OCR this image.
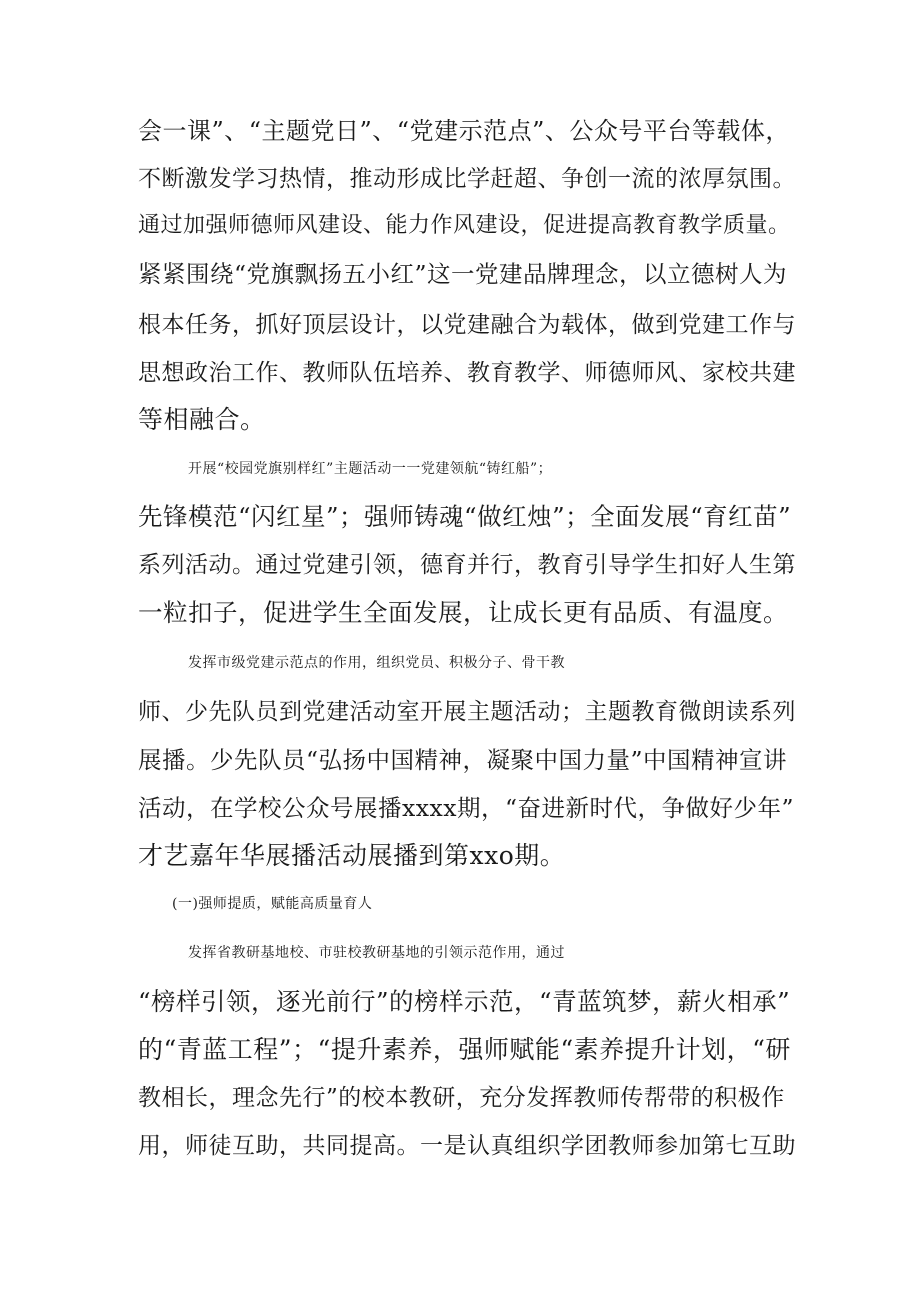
会一课”、“主题党日”、“党建示范点”、公众号平台等载体，
不断激发学习热情，推动形成比学赶超、争创一流的浓厚氛围。
通过加强师德师风建设、能力作风建设，促进提高教育教学质量。
紧紧围绕“党旗飘扬五小红”这一党建品牌理念，以立德树人为
根本任务，抓好顶层设计，以党建融合为载体，做到党建工作与
思想政治工作、教师队伍培养、教育教学、师德师风、家校共建
等相融合。
开展“校园党旗别样红”主题活动一一党建领航“铸红船”；
先锋模范“闪红星”；强师铸魂“做红烛”；全面发展“育红苗”
系列活动。通过党建引领，德育并行，教育引导学生扣好人生第
一粒扣子，促进学生全面发展，让成长更有品质、有温度。
发挥市级党建示范点的作用，组织党员、积极分子、骨干教
师、少先队员到党建活动室开展主题活动；主题教育微朗读系列
展播。少先队员“弘扬中国精神，凝聚中国力量”中国精神宣讲
活动，在学校公众号展播xxxx期，“奋进新时代，争做好少年”
才艺嘉年华展播活动展播到第xxo期。
(一)强师提质，赋能高质量育人
发挥省教研基地校、市驻校教研基地的引领示范作用，通过
“榜样引领，逐光前行”的榜样示范，“青蓝筑梦，薪火相承”
的“青蓝工程”；“提升素养，强师赋能“素养提升计划，“研
教相长，理念先行”的校本教研，充分发挥教师传帮带的积极作
用，师徒互助，共同提高。一是认真组织学团教师参加第七互助
